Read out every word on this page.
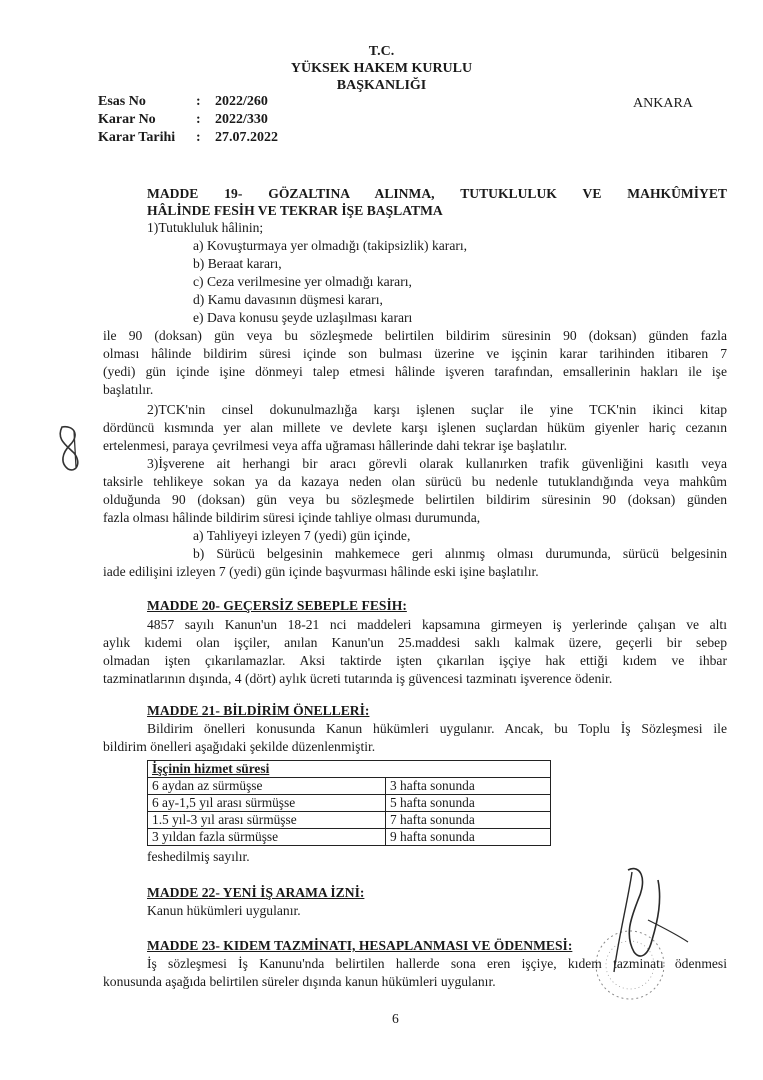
T.C.
YÜKSEK HAKEM KURULU
BAŞKANLIĞI
ANKARA
Esas No	: 2022/260
Karar No	: 2022/330
Karar Tarihi : 27.07.2022
MADDE 19- GÖZALTINA ALINMA, TUTUKLULUK VE MAHKÛMİYET
HÂLİNDE FESİH VE TEKRAR İŞE BAŞLATMA
1)Tutukluluk hâlinin;
a) Kovuşturmaya yer olmadığı (takipsizlik) kararı,
b) Beraat kararı,
c) Ceza verilmesine yer olmadığı kararı,
d) Kamu davasının düşmesi kararı,
e) Dava konusu şeyde uzlaşılması kararı
ile 90 (doksan) gün veya bu sözleşmede belirtilen bildirim süresinin 90 (doksan) günden fazla
olması hâlinde bildirim süresi içinde son bulması üzerine ve işçinin karar tarihinden itibaren 7
(yedi) gün içinde işine dönmeyi talep etmesi hâlinde işveren tarafından, emsallerinin hakları ile işe
başlatılır.
2)TCK'nin cinsel dokunulmazlığa karşı işlenen suçlar ile yine TCK'nin ikinci kitap
dördüncü kısmında yer alan millete ve devlete karşı işlenen suçlardan hüküm giyenler hariç cezanın
ertelenmesi, paraya çevrilmesi veya affa uğraması hâllerinde dahi tekrar işe başlatılır.
3)İşverene ait herhangi bir aracı görevli olarak kullanırken trafik güvenliğini kasıtlı veya
taksirle tehlikeye sokan ya da kazaya neden olan sürücü bu nedenle tutuklandığında veya mahkûm
olduğunda 90 (doksan) gün veya bu sözleşmede belirtilen bildirim süresinin 90 (doksan) günden
fazla olması hâlinde bildirim süresi içinde tahliye olması durumunda,
a) Tahliyeyi izleyen 7 (yedi) gün içinde,
b) Sürücü belgesinin mahkemece geri alınmış olması durumunda, sürücü belgesinin
iade edilişini izleyen 7 (yedi) gün içinde başvurması hâlinde eski işine başlatılır.
MADDE 20- GEÇERSİZ SEBEPLE FESİH:
4857 sayılı Kanun'un 18-21 nci maddeleri kapsamına girmeyen iş yerlerinde çalışan ve altı
aylık kıdemi olan işçiler, anılan Kanun'un 25.maddesi saklı kalmak üzere, geçerli bir sebep
olmadan işten çıkarılamazlar. Aksi taktirde işten çıkarılan işçiye hak ettiği kıdem ve ihbar
tazminatlarının dışında, 4 (dört) aylık ücreti tutarında iş güvencesi tazminatı işverence ödenir.
MADDE 21- BİLDİRİM ÖNELLERİ:
Bildirim önelleri konusunda Kanun hükümleri uygulanır. Ancak, bu Toplu İş Sözleşmesi ile
bildirim önelleri aşağıdaki şekilde düzenlenmiştir.
İşçinin hizmet süresi	
6 aydan az sürmüşse	3 hafta sonunda
6 ay-1,5 yıl arası sürmüşse	5 hafta sonunda
1.5 yıl-3 yıl arası sürmüşse	7 hafta sonunda
3 yıldan fazla sürmüşse	9 hafta sonunda
feshedilmiş sayılır.
MADDE 22- YENİ İŞ ARAMA İZNİ:
Kanun hükümleri uygulanır.
MADDE 23- KIDEM TAZMİNATI, HESAPLANMASI VE ÖDENMESİ:
İş sözleşmesi İş Kanunu'nda belirtilen hallerde sona eren işçiye, kıdem tazminatı ödenmesi
konusunda aşağıda belirtilen süreler dışında kanun hükümleri uygulanır.
6
